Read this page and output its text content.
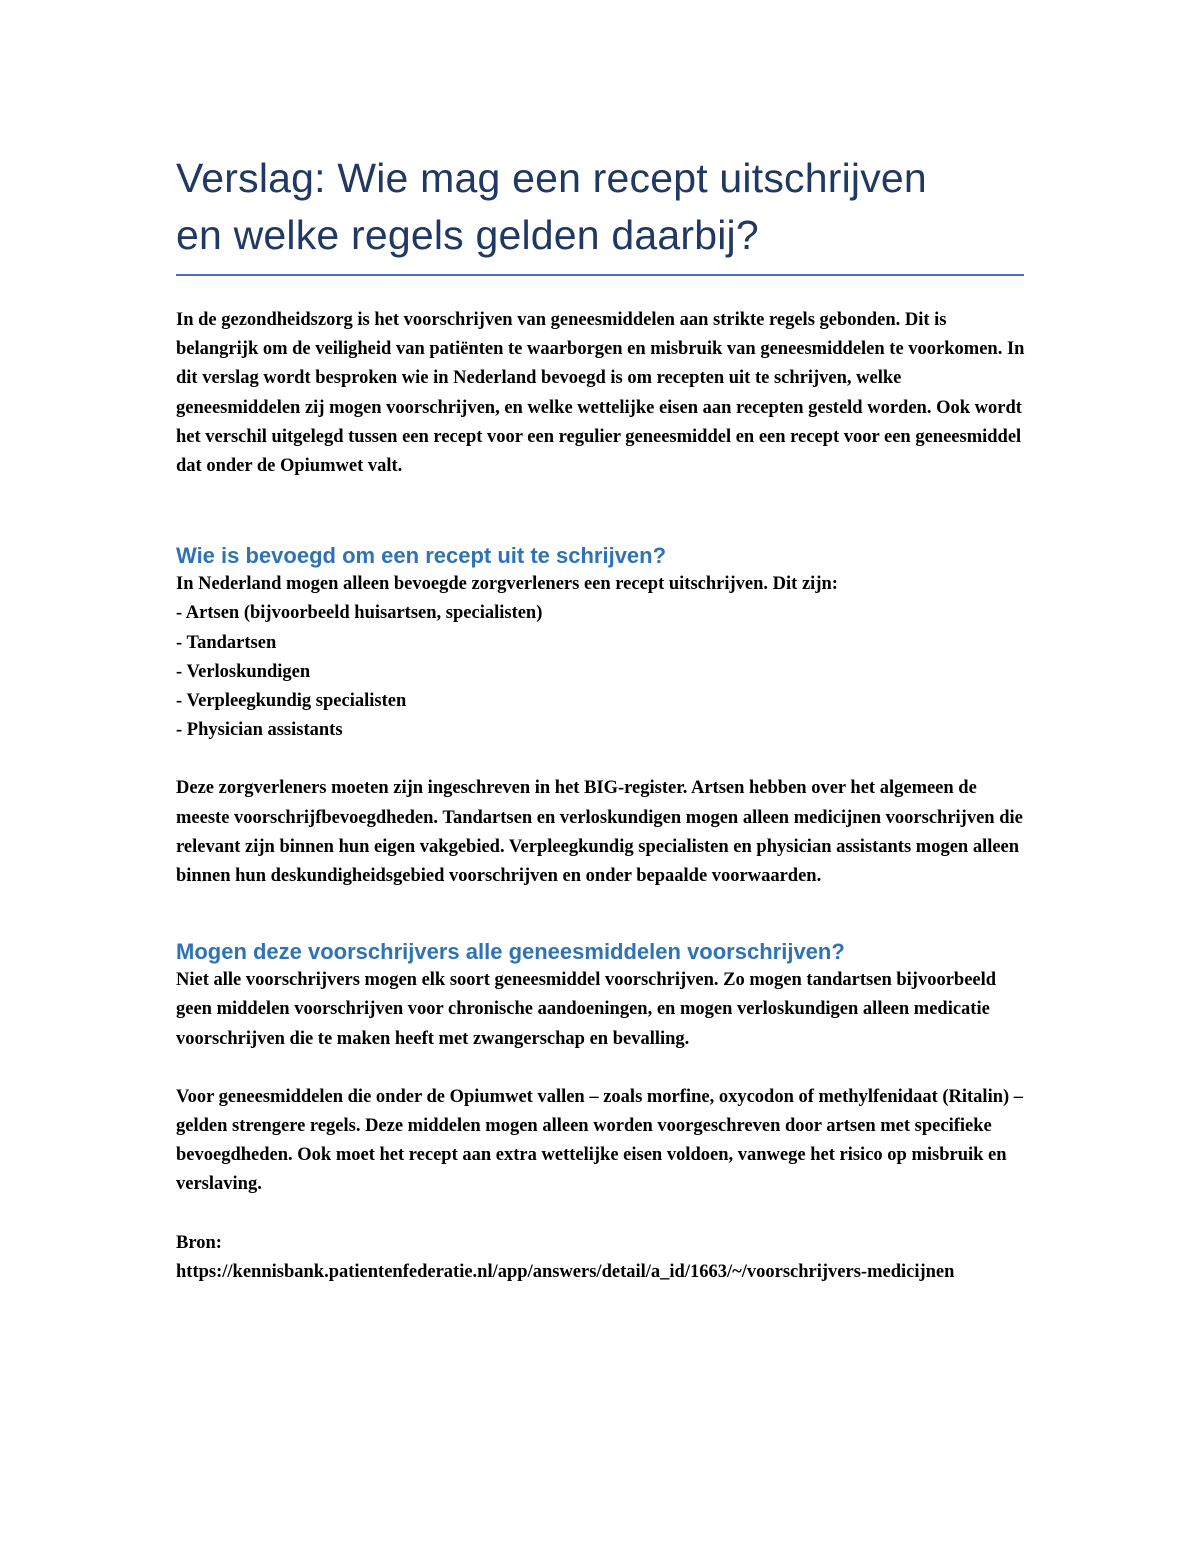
Verslag: Wie mag een recept uitschrijven
en welke regels gelden daarbij?

In de gezondheidszorg is het voorschrijven van geneesmiddelen aan strikte regels gebonden. Dit is belangrijk om de veiligheid van patiënten te waarborgen en misbruik van geneesmiddelen te voorkomen. In dit verslag wordt besproken wie in Nederland bevoegd is om recepten uit te schrijven, welke geneesmiddelen zij mogen voorschrijven, en welke wettelijke eisen aan recepten gesteld worden. Ook wordt het verschil uitgelegd tussen een recept voor een regulier geneesmiddel en een recept voor een geneesmiddel dat onder de Opiumwet valt.

Wie is bevoegd om een recept uit te schrijven?

In Nederland mogen alleen bevoegde zorgverleners een recept uitschrijven. Dit zijn:

- Artsen (bijvoorbeeld huisartsen, specialisten)
- Tandartsen
- Verloskundigen
- Verpleegkundig specialisten
- Physician assistants

Deze zorgverleners moeten zijn ingeschreven in het BIG-register. Artsen hebben over het algemeen de meeste voorschrijfbevoegdheden. Tandartsen en verloskundigen mogen alleen medicijnen voorschrijven die relevant zijn binnen hun eigen vakgebied. Verpleegkundig specialisten en physician assistants mogen alleen binnen hun deskundigheidsgebied voorschrijven en onder bepaalde voorwaarden.

Mogen deze voorschrijvers alle geneesmiddelen voorschrijven?

Niet alle voorschrijvers mogen elk soort geneesmiddel voorschrijven. Zo mogen tandartsen bijvoorbeeld geen middelen voorschrijven voor chronische aandoeningen, en mogen verloskundigen alleen medicatie voorschrijven die te maken heeft met zwangerschap en bevalling.

Voor geneesmiddelen die onder de Opiumwet vallen – zoals morfine, oxycodon of methylfenidaat (Ritalin) – gelden strengere regels. Deze middelen mogen alleen worden voorgeschreven door artsen met specifieke bevoegdheden. Ook moet het recept aan extra wettelijke eisen voldoen, vanwege het risico op misbruik en verslaving.

Bron:

https://kennisbank.patientenfederatie.nl/app/answers/detail/a_id/1663/~/voorschrijvers-medicijnen
